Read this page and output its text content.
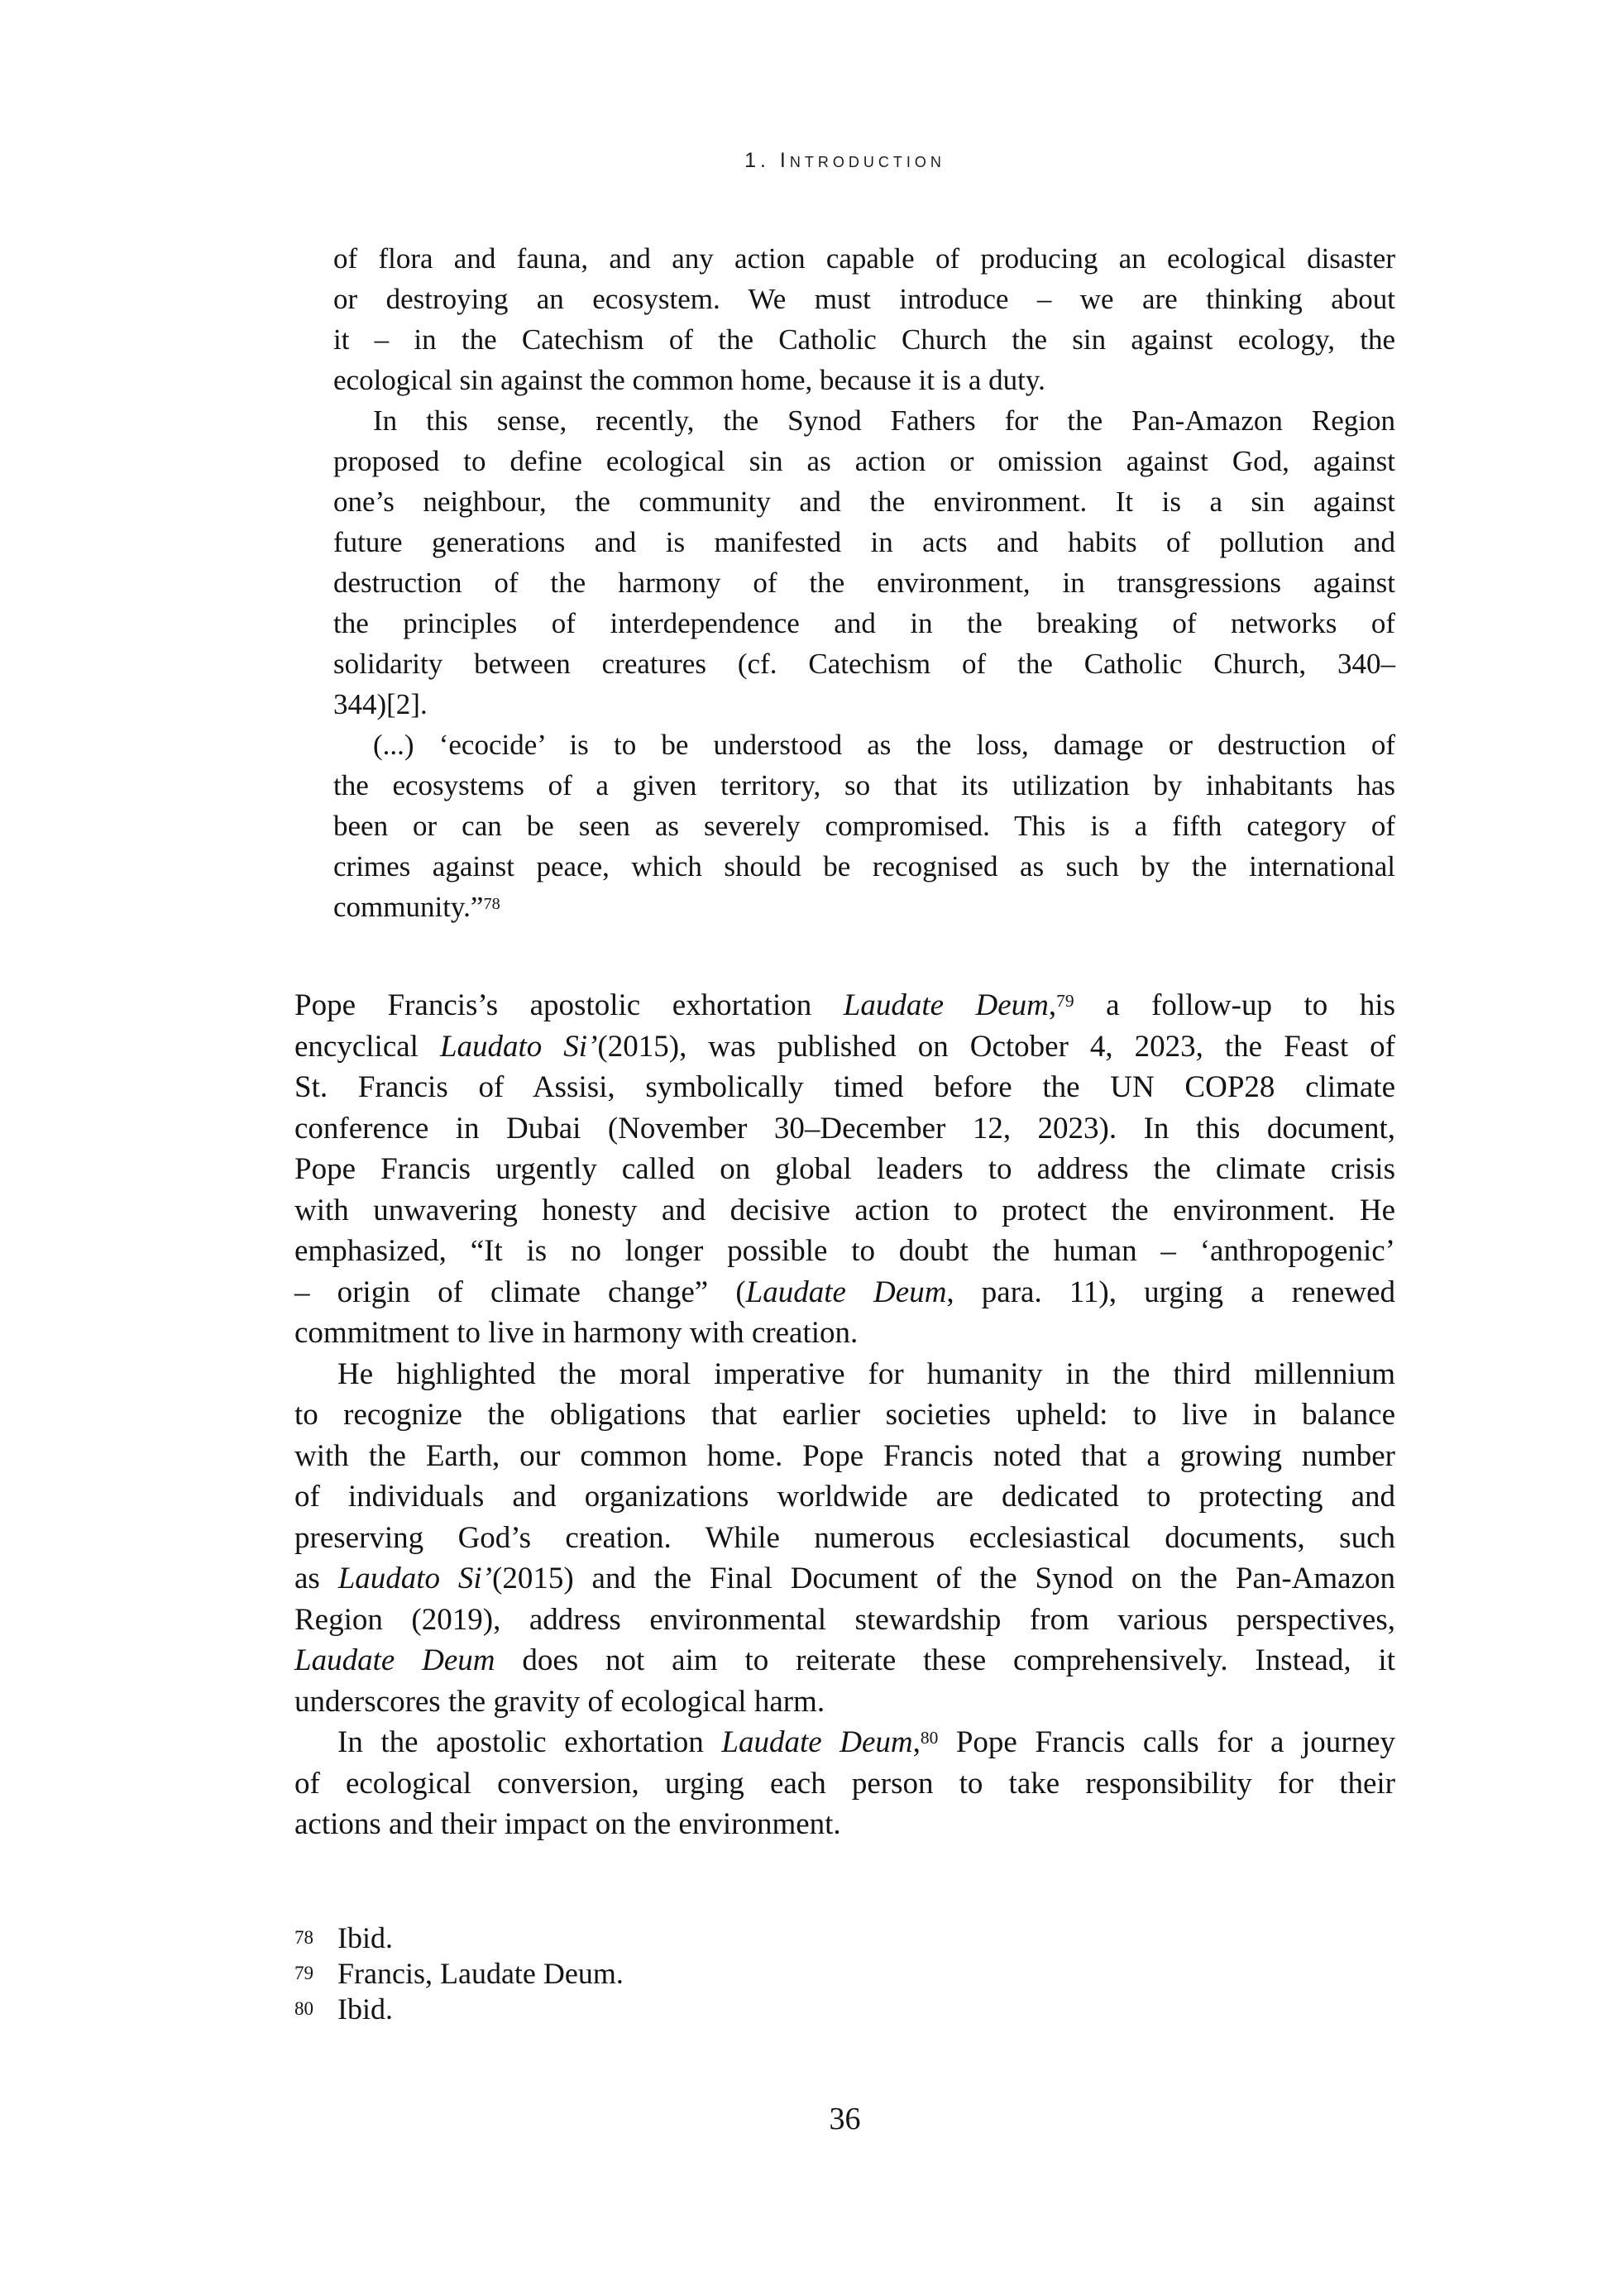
1. Introduction
of flora and fauna, and any action capable of producing an ecological disaster
or destroying an ecosystem. We must introduce – we are thinking about
it – in the Catechism of the Catholic Church the sin against ecology, the
ecological sin against the common home, because it is a duty.
In this sense, recently, the Synod Fathers for the Pan-Amazon Region
proposed to define ecological sin as action or omission against God, against
one’s neighbour, the community and the environment. It is a sin against
future generations and is manifested in acts and habits of pollution and
destruction of the harmony of the environment, in transgressions against
the principles of interdependence and in the breaking of networks of
solidarity between creatures (cf. Catechism of the Catholic Church, 340–
344)[2].
(...) ‘ecocide’ is to be understood as the loss, damage or destruction of
the ecosystems of a given territory, so that its utilization by inhabitants has
been or can be seen as severely compromised. This is a fifth category of
crimes against peace, which should be recognised as such by the international
community.”$^{78}$
Pope Francis’s apostolic exhortation Laudate Deum,$^{79}$ a follow-up to his
encyclical Laudato Si’(2015), was published on October 4, 2023, the Feast of
St. Francis of Assisi, symbolically timed before the UN COP28 climate
conference in Dubai (November 30–December 12, 2023). In this document,
Pope Francis urgently called on global leaders to address the climate crisis
with unwavering honesty and decisive action to protect the environment. He
emphasized, “It is no longer possible to doubt the human – ‘anthropogenic’
– origin of climate change” (Laudate Deum, para. 11), urging a renewed
commitment to live in harmony with creation.
He highlighted the moral imperative for humanity in the third millennium
to recognize the obligations that earlier societies upheld: to live in balance
with the Earth, our common home. Pope Francis noted that a growing number
of individuals and organizations worldwide are dedicated to protecting and
preserving God’s creation. While numerous ecclesiastical documents, such
as Laudato Si’(2015) and the Final Document of the Synod on the Pan-Amazon
Region (2019), address environmental stewardship from various perspectives,
Laudate Deum does not aim to reiterate these comprehensively. Instead, it
underscores the gravity of ecological harm.
In the apostolic exhortation Laudate Deum,$^{80}$ Pope Francis calls for a journey
of ecological conversion, urging each person to take responsibility for their
actions and their impact on the environment.
78 Ibid.
79 Francis, Laudate Deum.
80 Ibid.
36
